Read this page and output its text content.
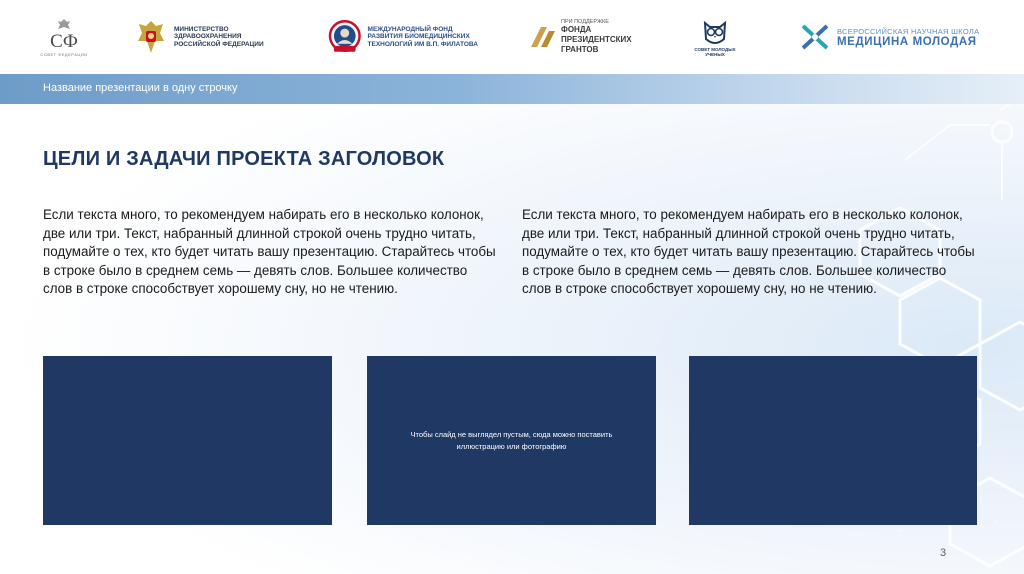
СФ
СОВЕТ ФЕДЕРАЦИИ
МИНИСТЕРСТВО ЗДРАВООХРАНЕНИЯ РОССИЙСКОЙ ФЕДЕРАЦИИ
МЕЖДУНАРОДНЫЙ ФОНД РАЗВИТИЯ БИОМЕДИЦИНСКИХ ТЕХНОЛОГИЙ ИМ В.П. ФИЛАТОВА
ПРИ ПОДДЕРЖКЕ
ФОНДА ПРЕЗИДЕНТСКИХ ГРАНТОВ	СОВЕТ МОЛОДЫХ УЧЕНЫХ
ВСЕРОССИЙСКАЯ НАУЧНАЯ ШКОЛА
МЕДИЦИНА МОЛОДАЯ
Название презентации в одну строчку
ЦЕЛИ И ЗАДАЧИ ПРОЕКТА ЗАГОЛОВОК
Если текста много, то рекомендуем набирать его в несколько колонок, две или три. Текст, набранный длинной строкой очень трудно читать, подумайте о тех, кто будет читать вашу презентацию. Старайтесь чтобы в строке было в среднем семь — девять слов. Большее количество слов в строке способствует хорошему сну, но не чтению.
Если текста много, то рекомендуем набирать его в несколько колонок, две или три. Текст, набранный длинной строкой очень трудно читать, подумайте о тех, кто будет читать вашу презентацию. Старайтесь чтобы в строке было в среднем семь — девять слов. Большее количество слов в строке способствует хорошему сну, но не чтению.
Чтобы слайд не выглядел пустым, сюда можно поставить иллюстрацию или фотографию
3
